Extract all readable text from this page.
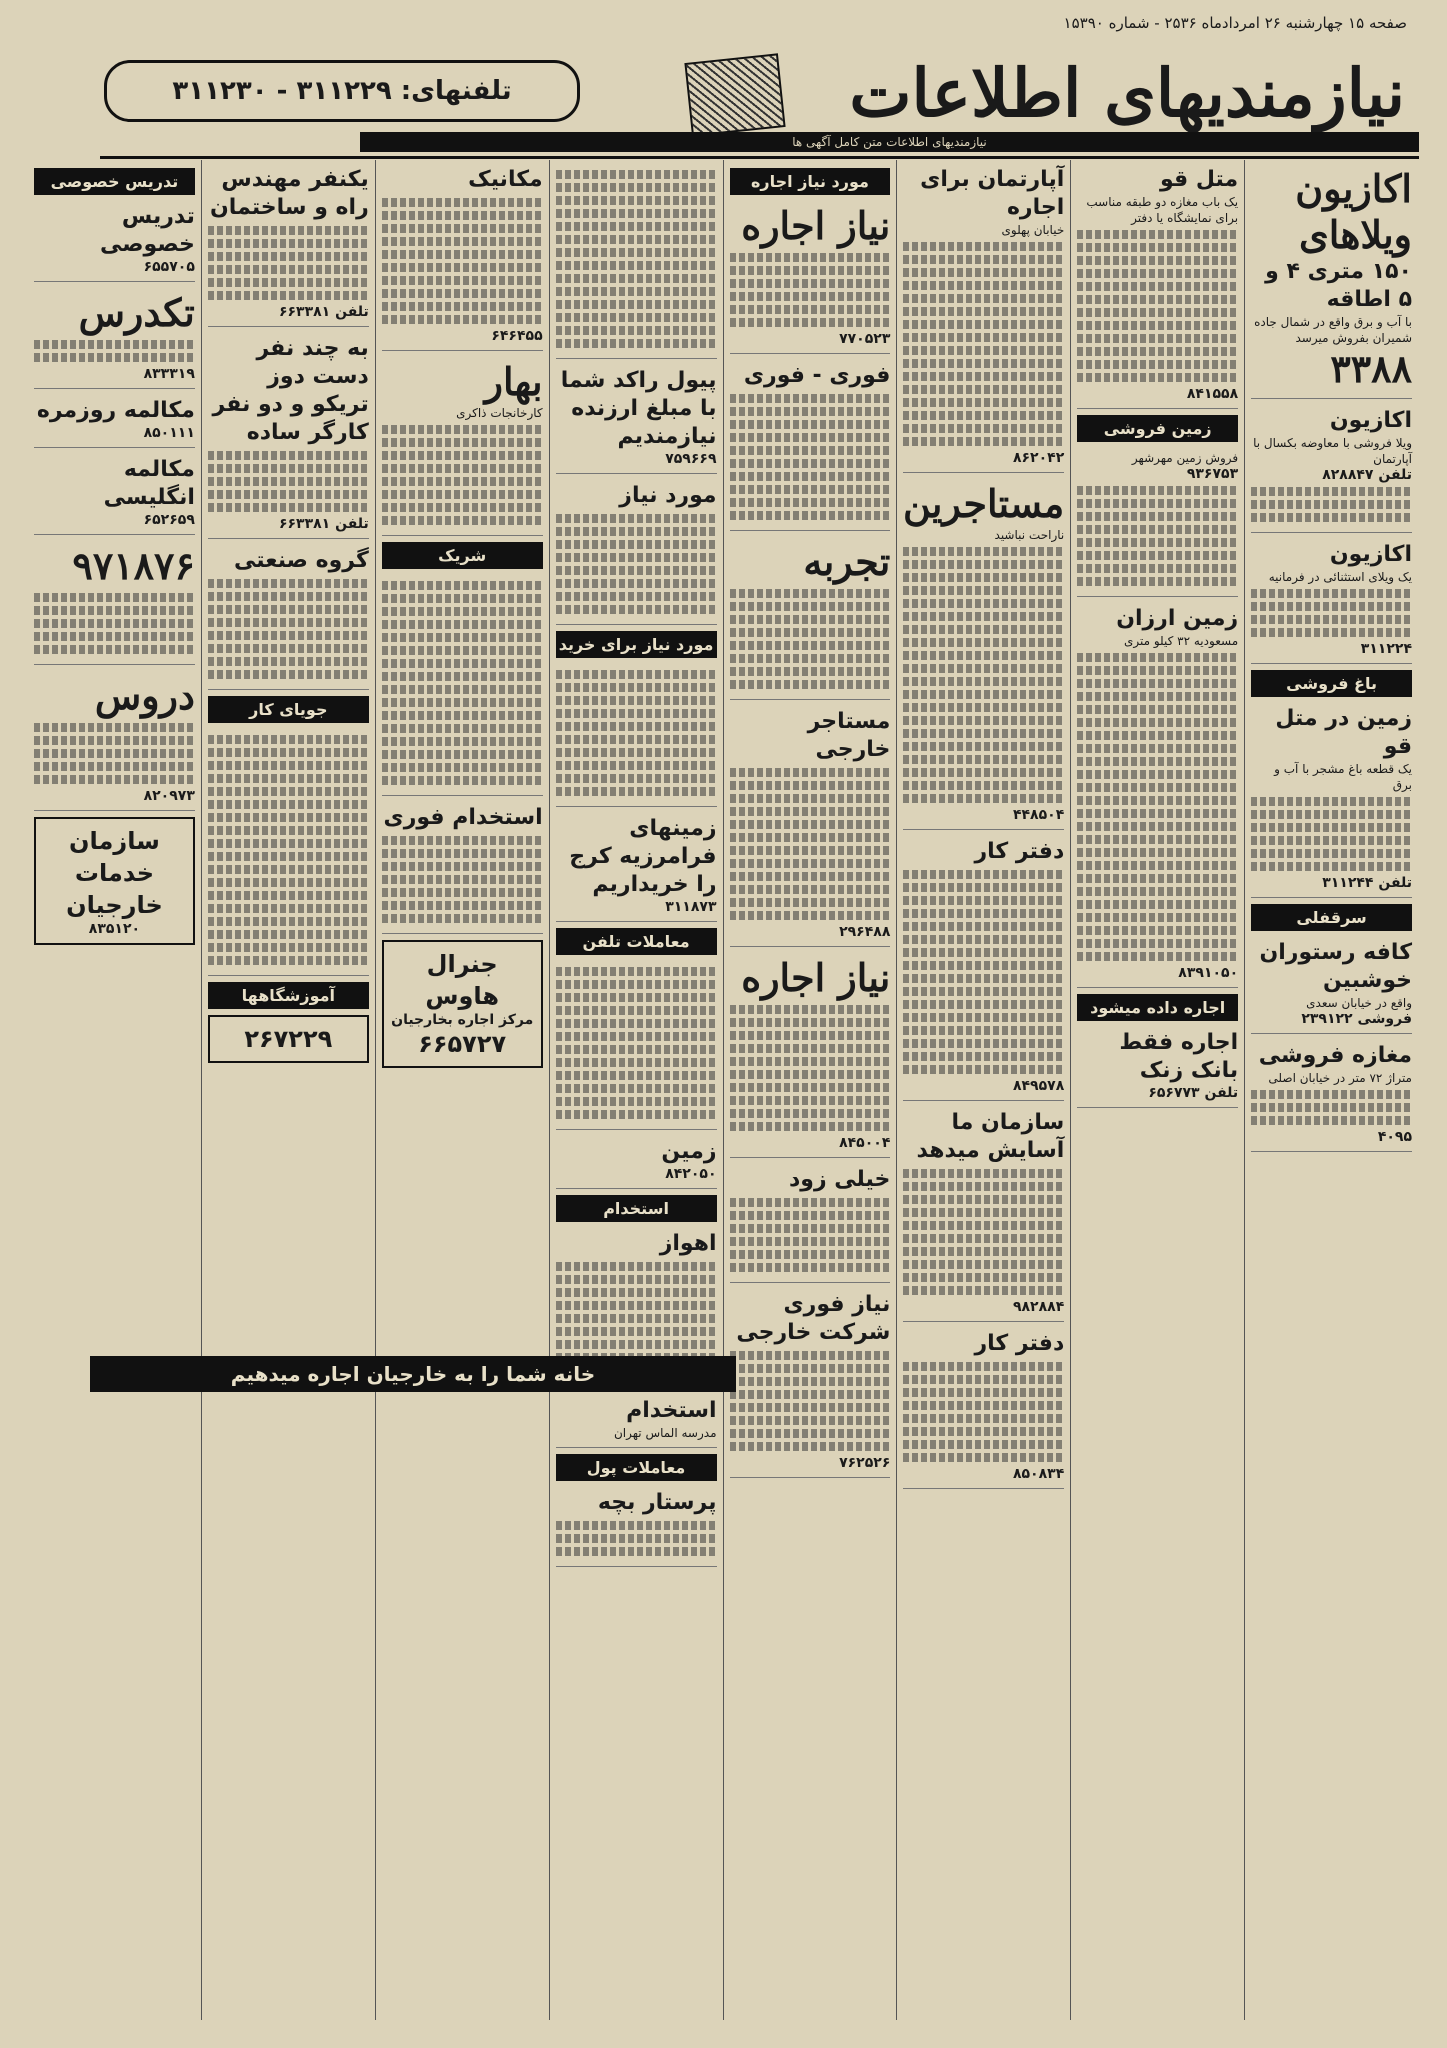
صفحه ۱۵ چهارشنبه ۲۶ امردادماه ۲۵۳۶ - شماره ۱۵۳۹۰
نیازمندیهای اطلاعات
تلفنهای: ۳۱۱۲۲۹ - ۳۱۱۲۳۰
نیازمندیهای اطلاعات متن کامل آگهی ها
اکازیون ویلاهای
۱۵۰ متری ۴ و ۵ اطاقه
با آب و برق واقع در شمال جاده شمیران بفروش میرسد
۳۳۸۸
اکازیون
ویلا فروشی با معاوضه بکسال با آپارتمان
تلفن ۸۲۸۸۴۷
اکازیون
یک ویلای استثنائی در فرمانیه
۳۱۱۲۲۴
باغ فروشی
زمین در متل قو
یک قطعه باغ مشجر با آب و برق
تلفن ۳۱۱۲۴۴
سرقفلی
کافه رستوران خوشبین
واقع در خیابان سعدی
فروشی ۲۳۹۱۲۲
مغازه فروشی
متراژ ۷۲ متر در خیابان اصلی
۴۰۹۵
متل قو
یک باب مغازه دو طبقه مناسب برای نمایشگاه یا دفتر
۸۴۱۵۵۸
زمین فروشی
فروش زمین مهرشهر
۹۳۶۷۵۳
زمین ارزان
مسعودیه ۳۲ کیلو متری
۸۳۹۱۰۵۰
اجاره داده میشود
اجاره فقط بانک زنک
تلفن ۶۵۶۷۷۳
آپارتمان برای اجاره
خیابان پهلوی
۸۶۲۰۴۲
مستاجرین
ناراحت نباشید
۴۴۸۵۰۴
دفتر کار
۸۴۹۵۷۸
سازمان ما آسایش میدهد
۹۸۲۸۸۴
دفتر کار
۸۵۰۸۳۴
مورد نیاز اجاره
نیاز اجاره
۷۷۰۵۲۳
فوری - فوری
تجربه
مستاجر خارجی
۲۹۶۴۸۸
نیاز اجاره
۸۴۵۰۰۴
خیلی زود
نیاز فوری شرکت خارجی
۷۶۲۵۲۶
پیول راکد شما با مبلغ ارزنده نیازمندیم
۷۵۹۶۶۹
مورد نیاز
مورد نیاز برای خرید
زمینهای فرامرزیه کرج را خریداریم
۳۱۱۸۷۳
معاملات تلفن
زمین
۸۴۲۰۵۰
استخدام
اهواز
استخدام
مدرسه الماس تهران
معاملات پول
پرستار بچه
مکانیک
۶۴۶۴۵۵
بهار
کارخانجات ذاکری
شریک
استخدام فوری
جنرال هاوس
مرکز اجاره بخارجیان
۶۶۵۷۲۷
یکنفر مهندس راه و ساختمان
تلفن ۶۶۳۳۸۱
به چند نفر دست دوز تریکو و دو نفر کارگر ساده
تلفن ۶۶۳۳۸۱
گروه صنعتی
جویای کار
آموزشگاهها
۲۶۷۲۲۹
تدریس خصوصی
تدریس خصوصی
۶۵۵۷۰۵
تکدرس
۸۳۳۳۱۹
مکالمه روزمره
۸۵۰۱۱۱
مکالمه انگلیسی
۶۵۲۶۵۹
۹۷۱۸۷۶
دروس
۸۲۰۹۷۳
سازمان خدمات خارجیان
۸۳۵۱۲۰
خانه شما را به خارجیان اجاره میدهیم
